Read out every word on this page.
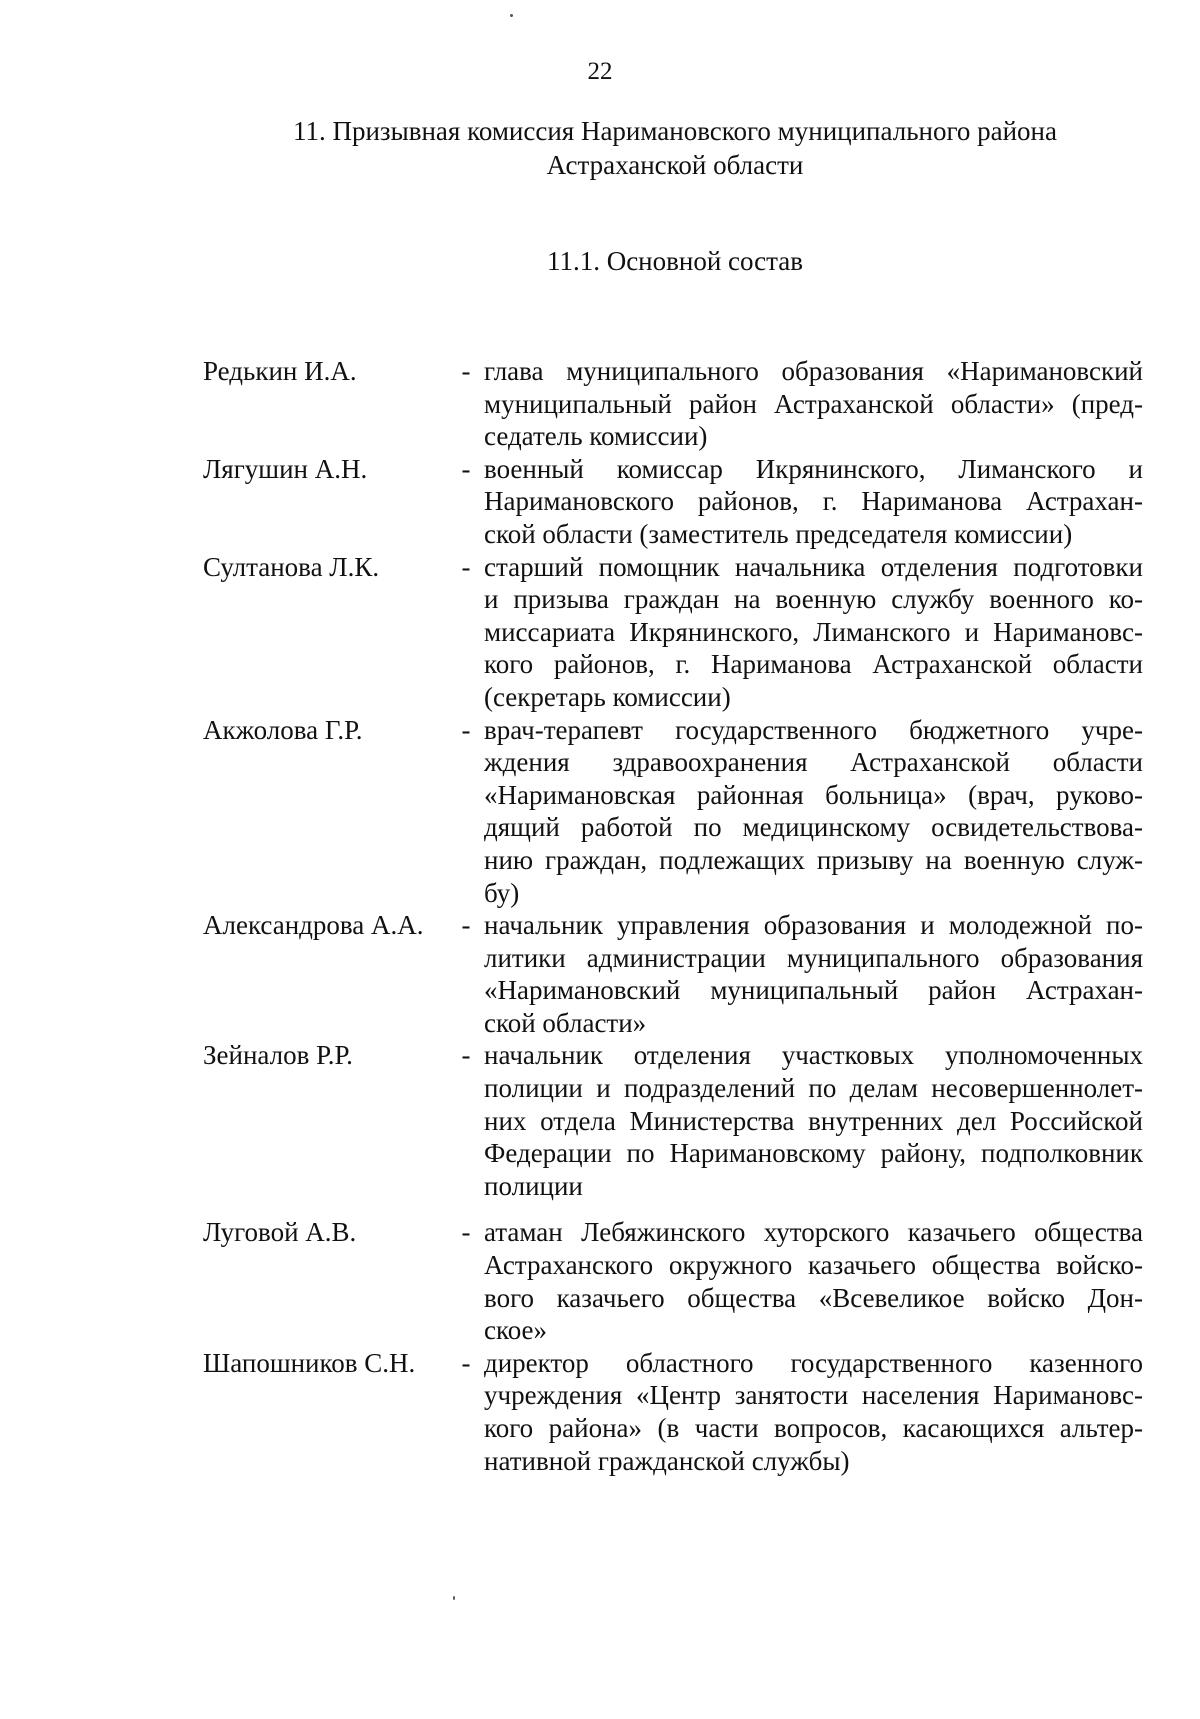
22
11. Призывная комиссия Наримановского муниципального района
Астраханской области
11.1. Основной состав
Редькин И.А.	- глава муниципального образования «Наримановский
муниципальный район Астраханской области» (пред-
седатель комиссии)
Лягушин А.Н.	- военный комиссар Икрянинского, Лиманского и
Наримановского районов, г. Нариманова Астрахан-
ской области (заместитель председателя комиссии)
Султанова Л.К.	- старший помощник начальника отделения подготовки
и призыва граждан на военную службу военного ко-
миссариата Икрянинского, Лиманского и Наримановс-
кого районов, г. Нариманова Астраханской области
(секретарь комиссии)
Акжолова Г.Р.	- врач-терапевт государственного бюджетного учре-
ждения здравоохранения Астраханской области
«Наримановская районная больница» (врач, руково-
дящий работой по медицинскому освидетельствова-
нию граждан, подлежащих призыву на военную служ-
бу)
Александрова А.А.	- начальник управления образования и молодежной по-
литики администрации муниципального образования
«Наримановский муниципальный район Астрахан-
ской области»
Зейналов Р.Р.	- начальник отделения участковых уполномоченных
полиции и подразделений по делам несовершеннолет-
них отдела Министерства внутренних дел Российской
Федерации по Наримановскому району, подполковник
полиции
Луговой А.В.	- атаман Лебяжинского хуторского казачьего общества
Астраханского окружного казачьего общества войско-
вого казачьего общества «Всевеликое войско Дон-
ское»
Шапошников С.Н.	- директор областного государственного казенного
учреждения «Центр занятости населения Наримановс-
кого района» (в части вопросов, касающихся альтер-
нативной гражданской службы)
